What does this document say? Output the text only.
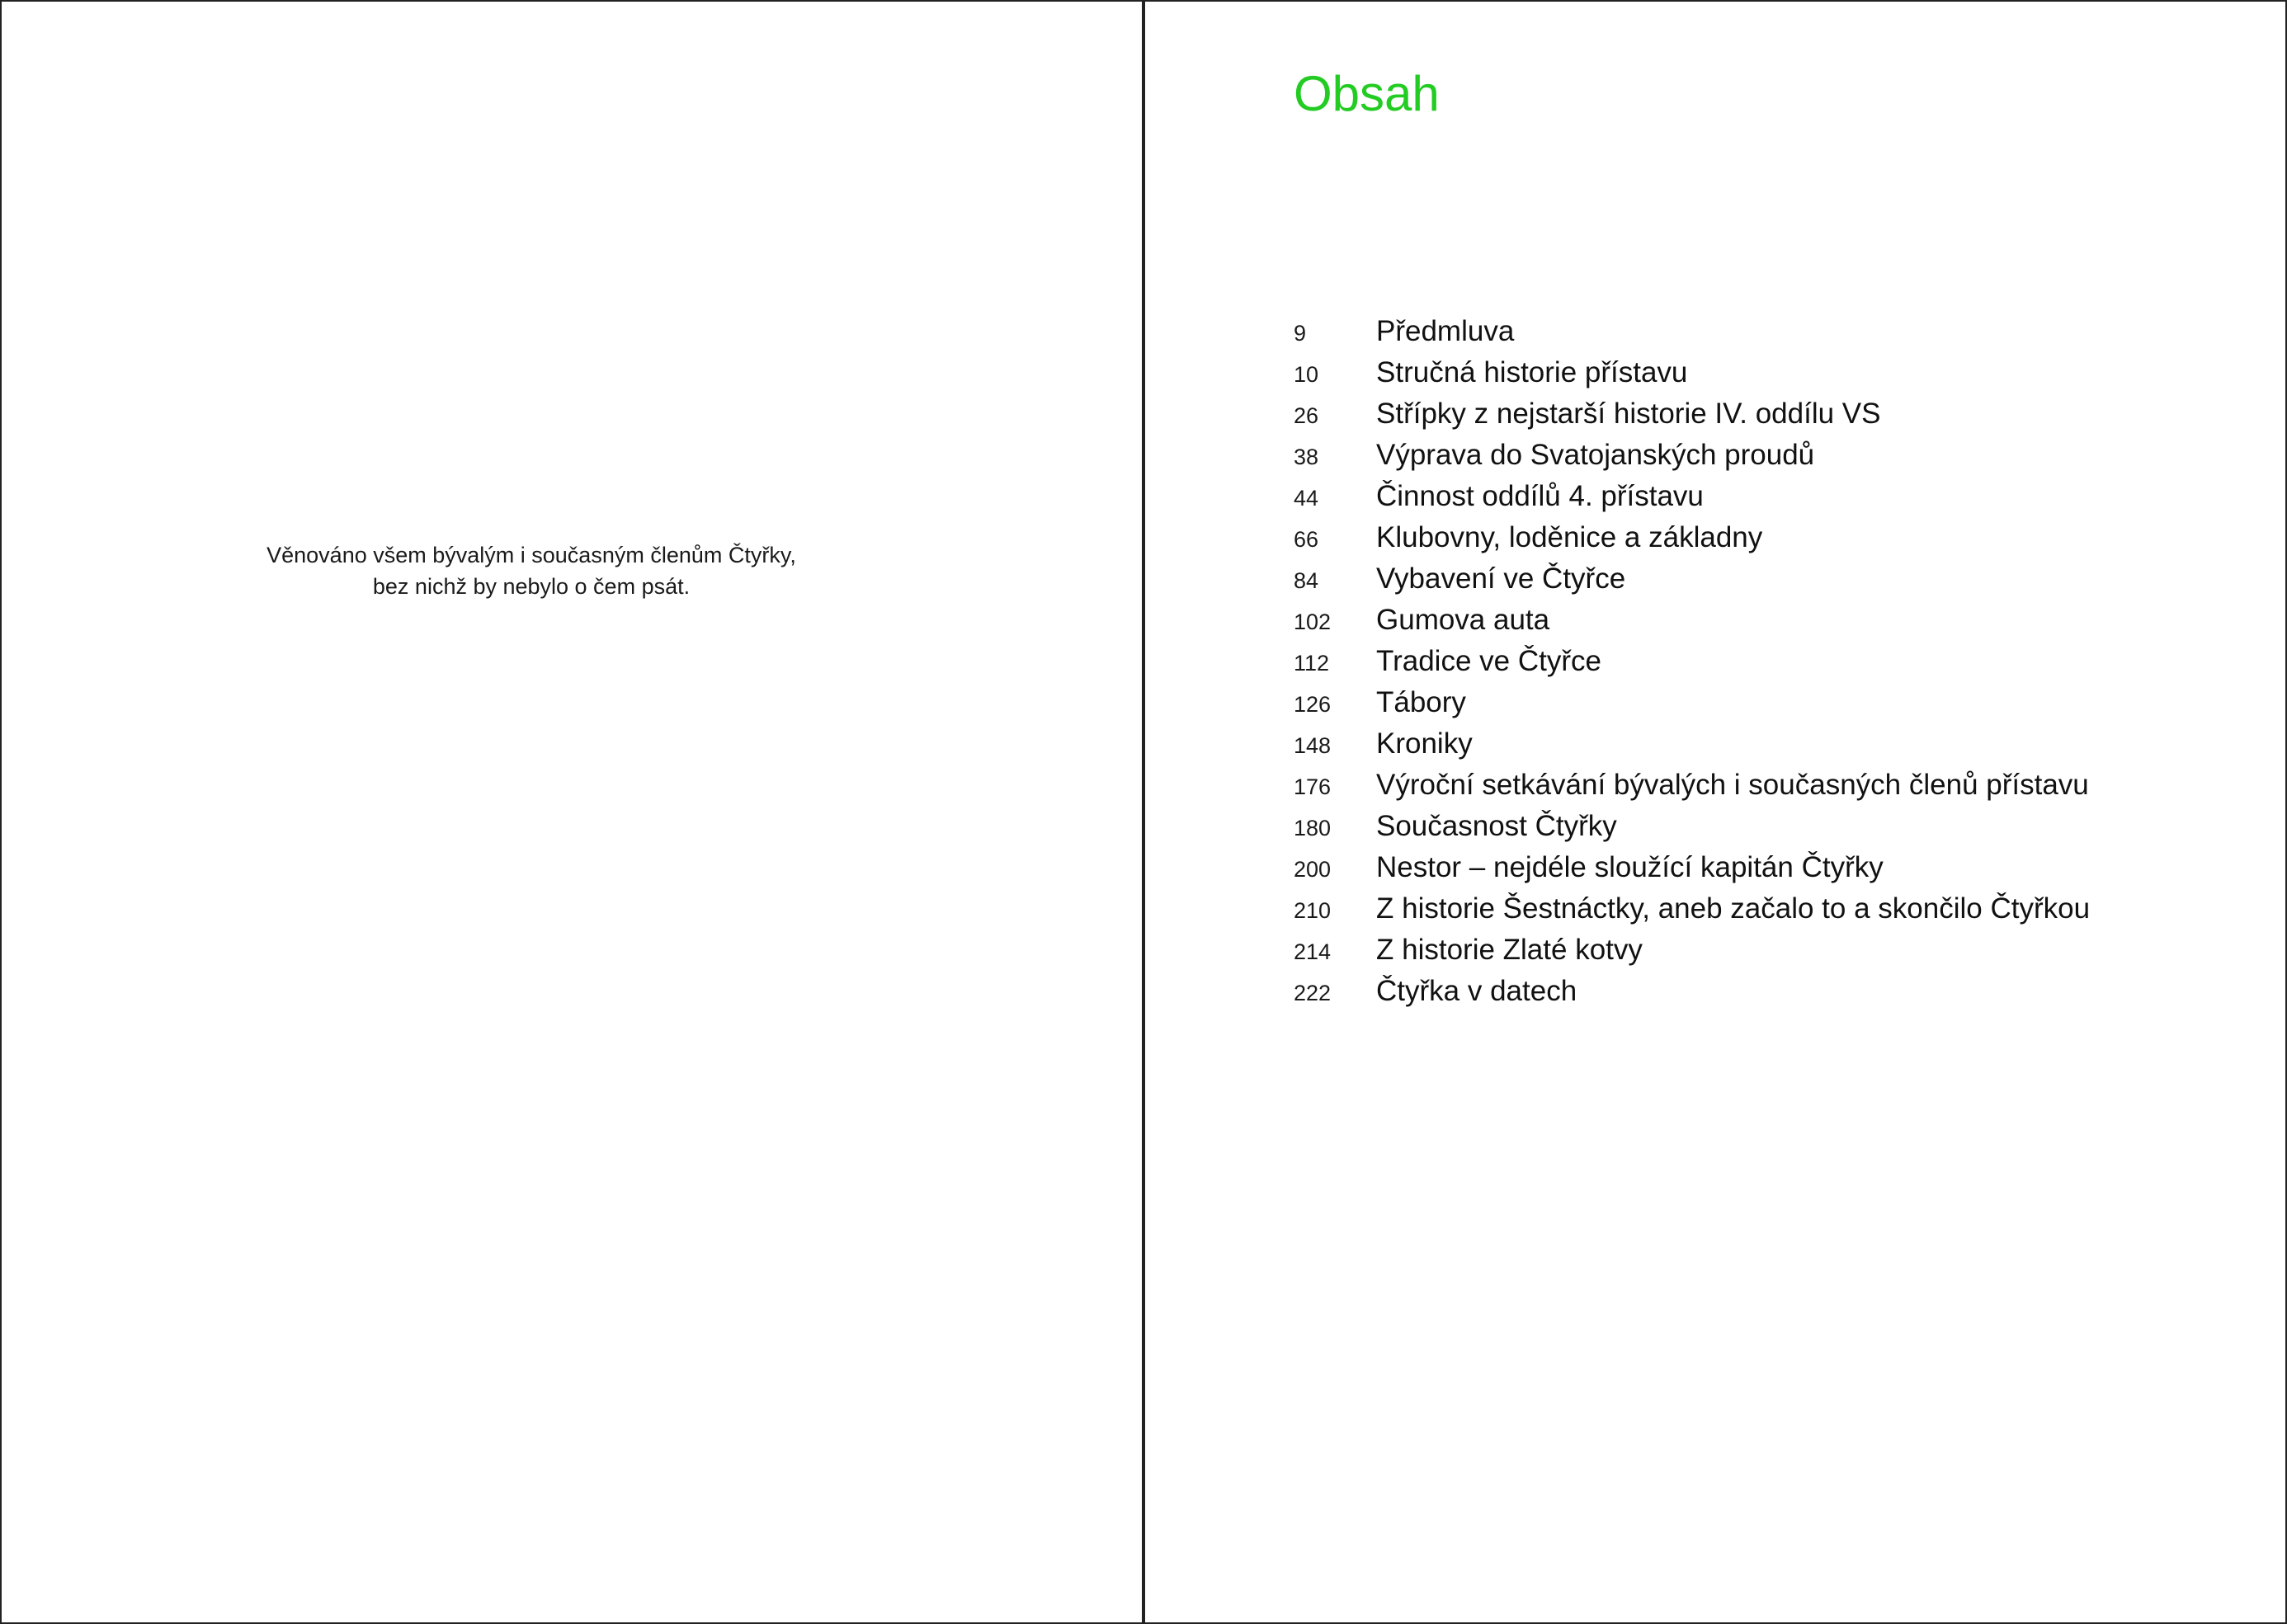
Věnováno všem bývalým i současným členům Čtyřky,

bez nichž by nebylo o čem psát.

Obsah
9	Předmluva
10	Stručná historie přístavu
26	Střípky z nejstarší historie IV. oddílu VS
38	Výprava do Svatojanských proudů
44	Činnost oddílů 4. přístavu
66	Klubovny, loděnice a základny
84	Vybavení ve Čtyřce
102	Gumova auta
112	Tradice ve Čtyřce
126	Tábory
148	Kroniky
176	Výroční setkávání bývalých i současných členů přístavu
180	Současnost Čtyřky
200	Nestor – nejdéle sloužící kapitán Čtyřky
210	Z historie Šestnáctky, aneb začalo to a skončilo Čtyřkou
214	Z historie Zlaté kotvy
222	Čtyřka v datech
